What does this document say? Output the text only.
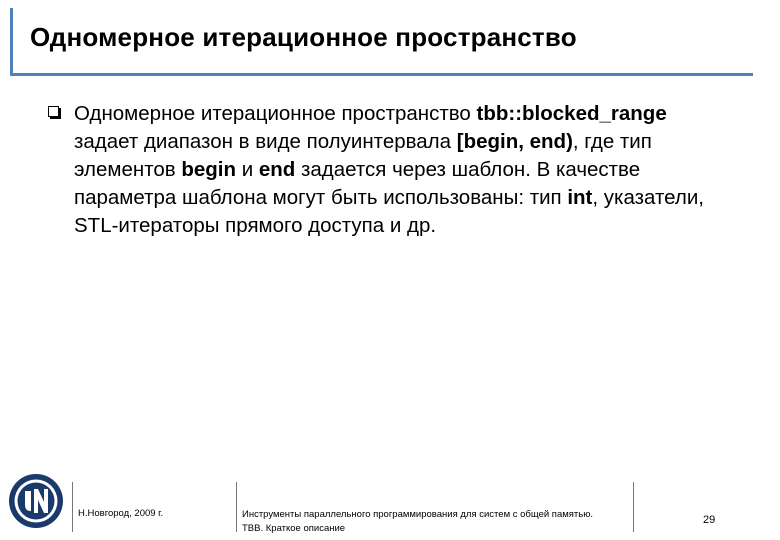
Одномерное итерационное пространство
Одномерное итерационное пространство tbb::blocked_range задает диапазон в виде полуинтервала [begin, end), где тип элементов begin и end задается через шаблон. В качестве параметра шаблона могут быть использованы: тип int, указатели, STL-итераторы прямого доступа и др.
Н.Новгород, 2009 г.	Инструменты параллельного программирования для систем с общей памятью.
TBB. Краткое описание
29
